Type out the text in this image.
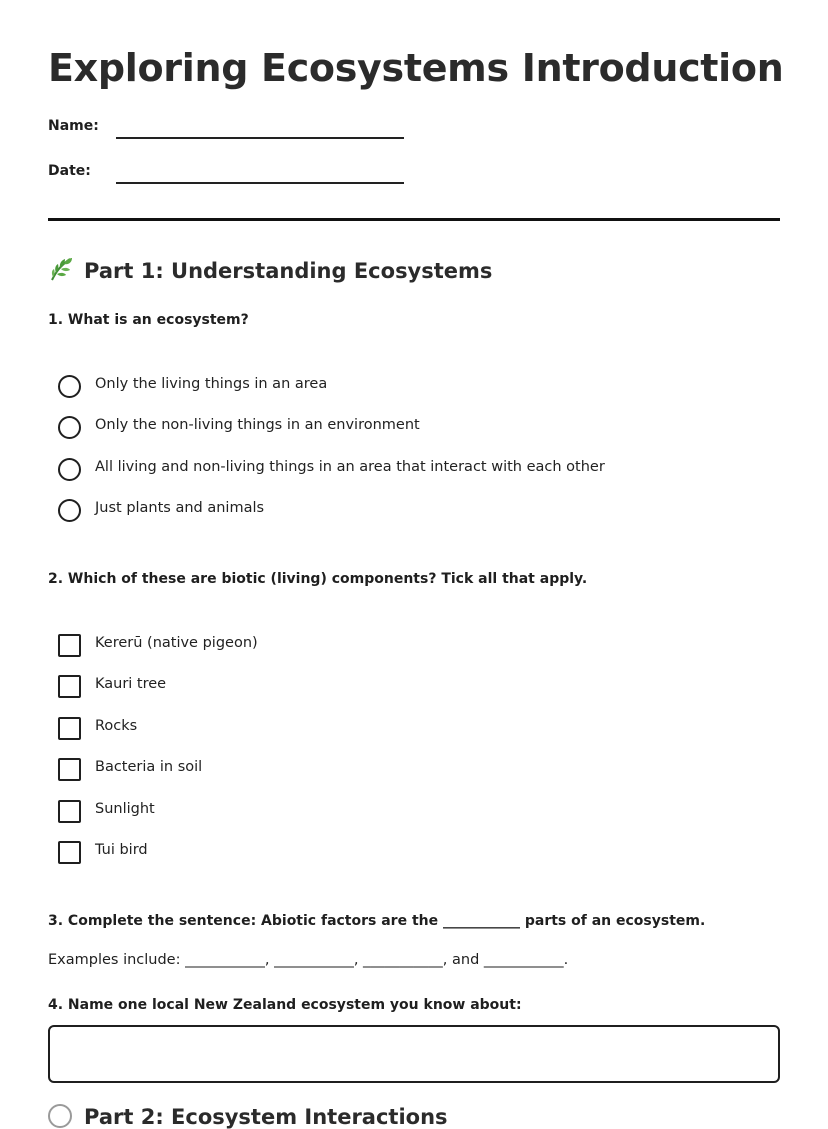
Exploring Ecosystems Introduction
Name:
Date:
Part 1: Understanding Ecosystems
1. What is an ecosystem?
Only the living things in an area
Only the non-living things in an environment
All living and non-living things in an area that interact with each other
Just plants and animals
2. Which of these are biotic (living) components? Tick all that apply.
Kererū (native pigeon)
Kauri tree
Rocks
Bacteria in soil
Sunlight
Tui bird
3. Complete the sentence: Abiotic factors are the ___________ parts of an ecosystem.
Examples include: ___________, ___________, ___________, and ___________.
4. Name one local New Zealand ecosystem you know about:
Part 2: Ecosystem Interactions
